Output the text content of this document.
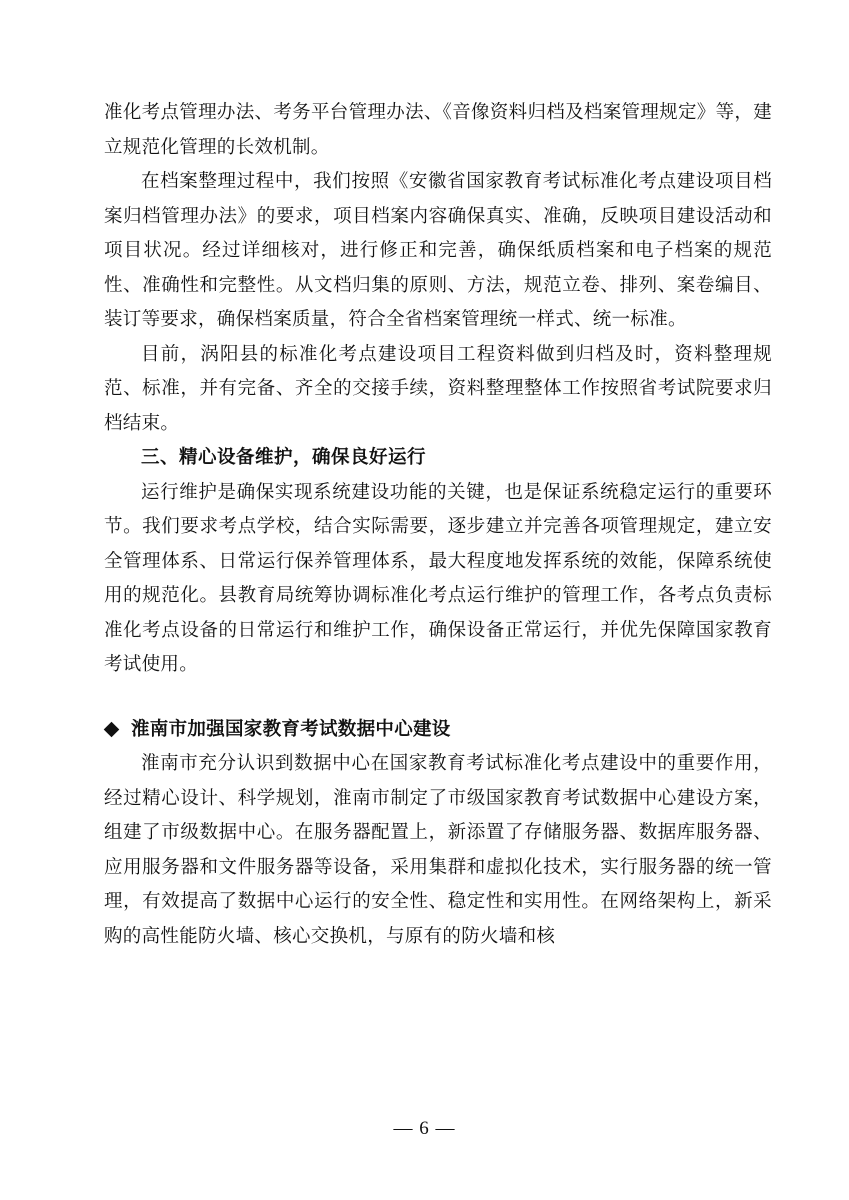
准化考点管理办法、考务平台管理办法、《音像资料归档及档案管理规定》等，建立规范化管理的长效机制。

在档案整理过程中，我们按照《安徽省国家教育考试标准化考点建设项目档案归档管理办法》的要求，项目档案内容确保真实、准确，反映项目建设活动和项目状况。经过详细核对，进行修正和完善，确保纸质档案和电子档案的规范性、准确性和完整性。从文档归集的原则、方法，规范立卷、排列、案卷编目、装订等要求，确保档案质量，符合全省档案管理统一样式、统一标准。

目前，涡阳县的标准化考点建设项目工程资料做到归档及时，资料整理规范、标准，并有完备、齐全的交接手续，资料整理整体工作按照省考试院要求归档结束。

三、精心设备维护，确保良好运行

运行维护是确保实现系统建设功能的关键，也是保证系统稳定运行的重要环节。我们要求考点学校，结合实际需要，逐步建立并完善各项管理规定，建立安全管理体系、日常运行保养管理体系，最大程度地发挥系统的效能，保障系统使用的规范化。县教育局统筹协调标准化考点运行维护的管理工作，各考点负责标准化考点设备的日常运行和维护工作，确保设备正常运行，并优先保障国家教育考试使用。

淮南市加强国家教育考试数据中心建设

淮南市充分认识到数据中心在国家教育考试标准化考点建设中的重要作用，经过精心设计、科学规划，淮南市制定了市级国家教育考试数据中心建设方案，组建了市级数据中心。在服务器配置上，新添置了存储服务器、数据库服务器、应用服务器和文件服务器等设备，采用集群和虚拟化技术，实行服务器的统一管理，有效提高了数据中心运行的安全性、稳定性和实用性。在网络架构上，新采购的高性能防火墙、核心交换机，与原有的防火墙和核

— 6 —
